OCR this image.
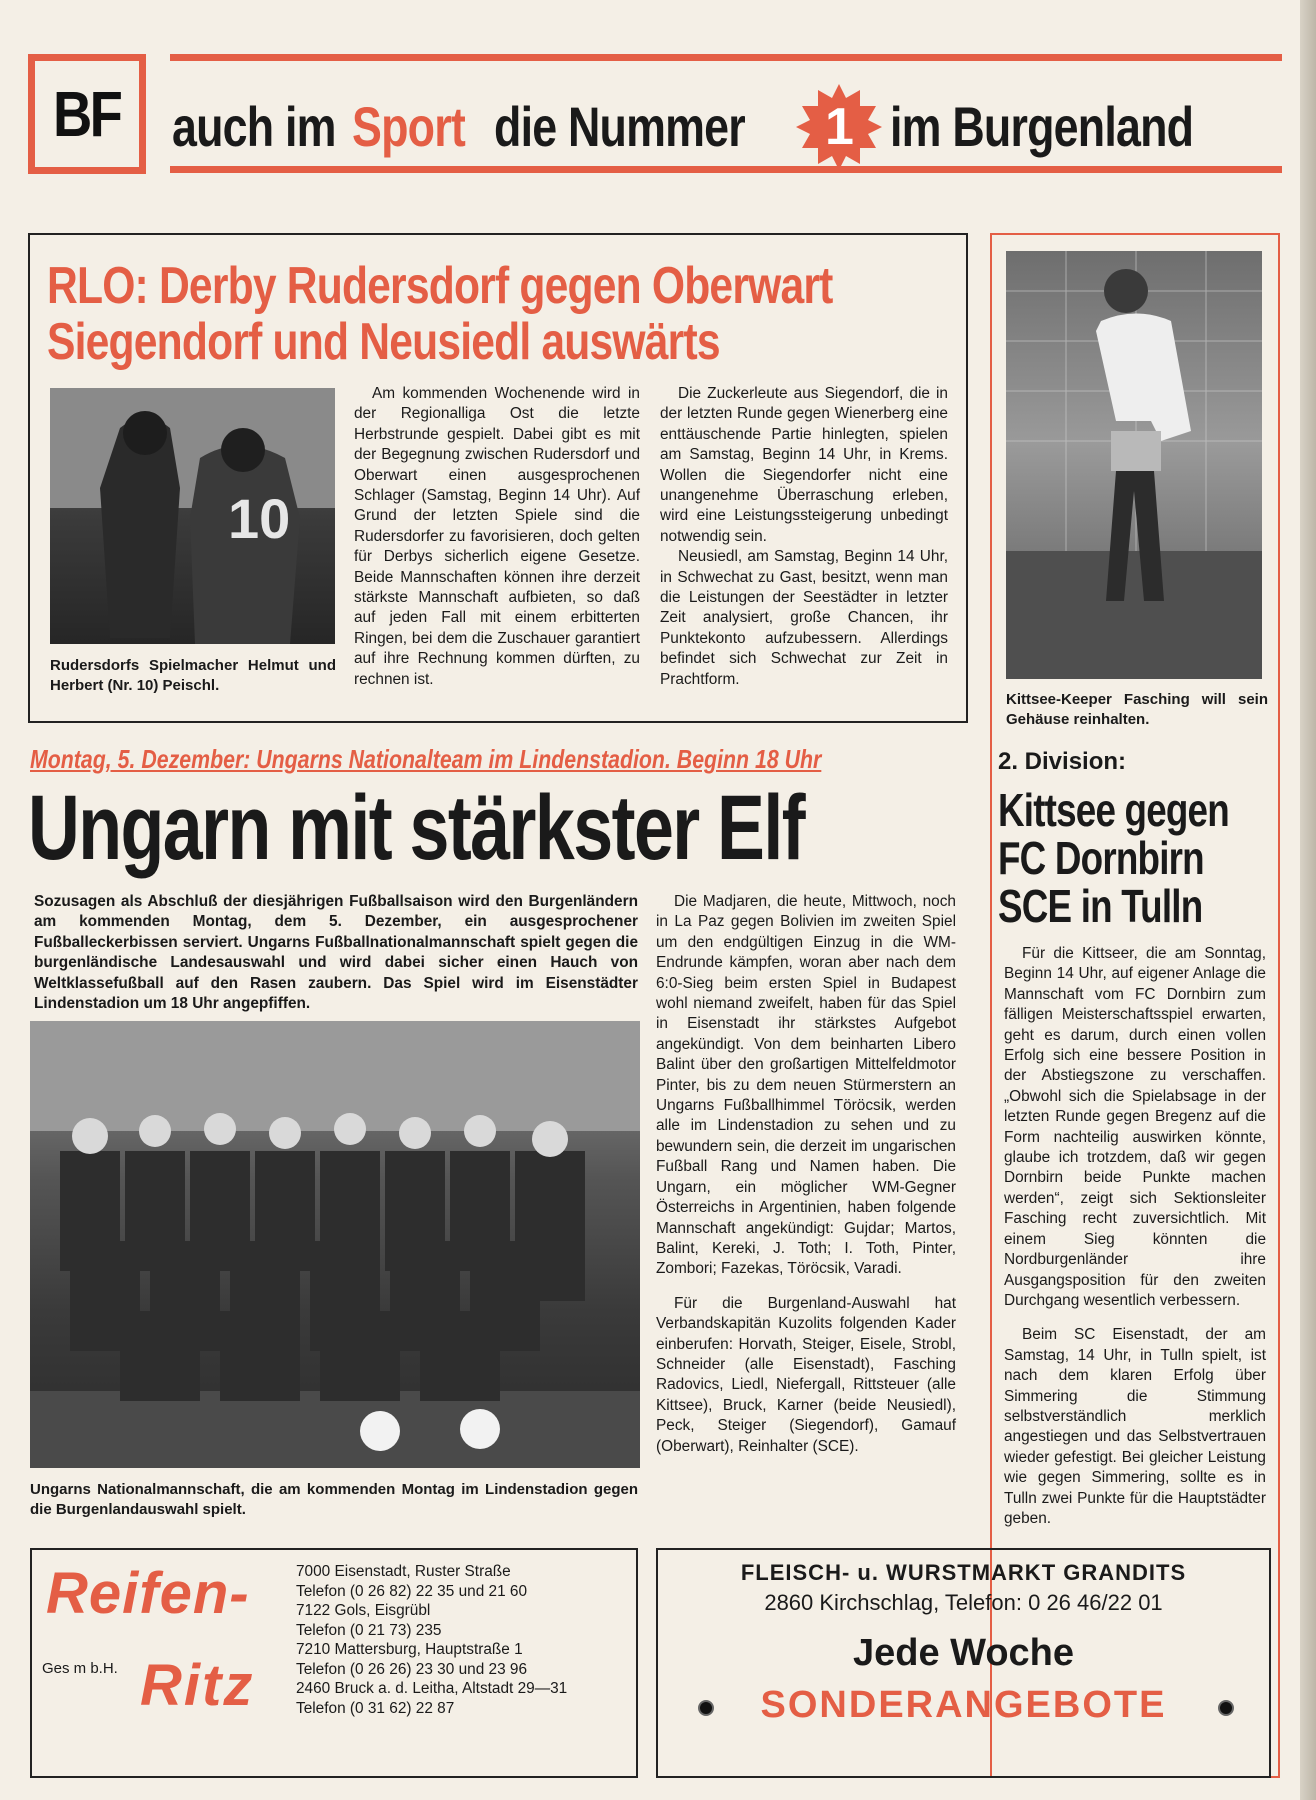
BF auch im Sport die Nummer 1 im Burgenland
RLO: Derby Rudersdorf gegen Oberwart
Siegendorf und Neusiedl auswärts
10
Rudersdorfs Spielmacher Helmut und Herbert (Nr. 10) Peischl.

Am kommenden Wochenende wird in der Regionalliga Ost die letzte Herbstrunde gespielt. Dabei gibt es mit der Begegnung zwischen Rudersdorf und Oberwart einen ausgesprochenen Schlager (Samstag, Beginn 14 Uhr). Auf Grund der letzten Spiele sind die Rudersdorfer zu favorisieren, doch gelten für Derbys sicherlich eigene Gesetze. Beide Mannschaften können ihre derzeit stärkste Mannschaft aufbieten, so daß auf jeden Fall mit einem erbitterten Ringen, bei dem die Zuschauer garantiert auf ihre Rechnung kommen dürften, zu rechnen ist.

Die Zuckerleute aus Siegendorf, die in der letzten Runde gegen Wienerberg eine enttäuschende Partie hinlegten, spielen am Samstag, Beginn 14 Uhr, in Krems. Wollen die Siegendorfer nicht eine unangenehme Überraschung erleben, wird eine Leistungssteigerung unbedingt notwendig sein.

Neusiedl, am Samstag, Beginn 14 Uhr, in Schwechat zu Gast, besitzt, wenn man die Leistungen der Seestädter in letzter Zeit analysiert, große Chancen, ihr Punktekonto aufzubessern. Allerdings befindet sich Schwechat zur Zeit in Prachtform.

Kittsee-Keeper Fasching will sein Gehäuse reinhalten.
Montag, 5. Dezember: Ungarns Nationalteam im Lindenstadion. Beginn 18 Uhr
Ungarn mit stärkster Elf
Sozusagen als Abschluß der diesjährigen Fußballsaison wird den Burgenländern am kommenden Montag, dem 5. Dezember, ein ausgesprochener Fußballeckerbissen serviert. Ungarns Fußballnationalmannschaft spielt gegen die burgenländische Landesauswahl und wird dabei sicher einen Hauch von Weltklassefußball auf den Rasen zaubern. Das Spiel wird im Eisenstädter Lindenstadion um 18 Uhr angepfiffen.
Ungarns Nationalmannschaft, die am kommenden Montag im Lindenstadion gegen die Burgenlandauswahl spielt.

Die Madjaren, die heute, Mittwoch, noch in La Paz gegen Bolivien im zweiten Spiel um den endgültigen Einzug in die WM-Endrunde kämpfen, woran aber nach dem 6:0-Sieg beim ersten Spiel in Budapest wohl niemand zweifelt, haben für das Spiel in Eisenstadt ihr stärkstes Aufgebot angekündigt. Von dem beinharten Libero Balint über den großartigen Mittelfeldmotor Pinter, bis zu dem neuen Stürmerstern an Ungarns Fußballhimmel Töröcsik, werden alle im Lindenstadion zu sehen und zu bewundern sein, die derzeit im ungarischen Fußball Rang und Namen haben. Die Ungarn, ein möglicher WM-Gegner Österreichs in Argentinien, haben folgende Mannschaft angekündigt: Gujdar; Martos, Balint, Kereki, J. Toth; I. Toth, Pinter, Zombori; Fazekas, Töröcsik, Varadi.

Für die Burgenland-Auswahl hat Verbandskapitän Kuzolits folgenden Kader einberufen: Horvath, Steiger, Eisele, Strobl, Schneider (alle Eisenstadt), Fasching Radovics, Liedl, Niefergall, Rittsteuer (alle Kittsee), Bruck, Karner (beide Neusiedl), Peck, Steiger (Siegendorf), Gamauf (Oberwart), Reinhalter (SCE).

2. Division:
Kittsee gegen
FC Dornbirn
SCE in Tulln

Für die Kittseer, die am Sonntag, Beginn 14 Uhr, auf eigener Anlage die Mannschaft vom FC Dornbirn zum fälligen Meisterschaftsspiel erwarten, geht es darum, durch einen vollen Erfolg sich eine bessere Position in der Abstiegszone zu verschaffen. „Obwohl sich die Spielabsage in der letzten Runde gegen Bregenz auf die Form nachteilig auswirken könnte, glaube ich trotzdem, daß wir gegen Dornbirn beide Punkte machen werden“, zeigt sich Sektionsleiter Fasching recht zuversichtlich. Mit einem Sieg könnten die Nordburgenländer ihre Ausgangsposition für den zweiten Durchgang wesentlich verbessern.

Beim SC Eisenstadt, der am Samstag, 14 Uhr, in Tulln spielt, ist nach dem klaren Erfolg über Simmering die Stimmung selbstverständlich merklich angestiegen und das Selbstvertrauen wieder gefestigt. Bei gleicher Leistung wie gegen Simmering, sollte es in Tulln zwei Punkte für die Hauptstädter geben.

Reifen-
Ritz
Ges m b.H.
7000 Eisenstadt, Ruster Straße
Telefon (0 26 82) 22 35 und 21 60
7122 Gols, Eisgrübl
Telefon (0 21 73) 235
7210 Mattersburg, Hauptstraße 1
Telefon (0 26 26) 23 30 und 23 96
2460 Bruck a. d. Leitha, Altstadt 29—31
Telefon (0 31 62) 22 87
FLEISCH- u. WURSTMARKT GRANDITS
2860 Kirchschlag, Telefon: 0 26 46/22 01
Jede Woche
SONDERANGEBOTE
